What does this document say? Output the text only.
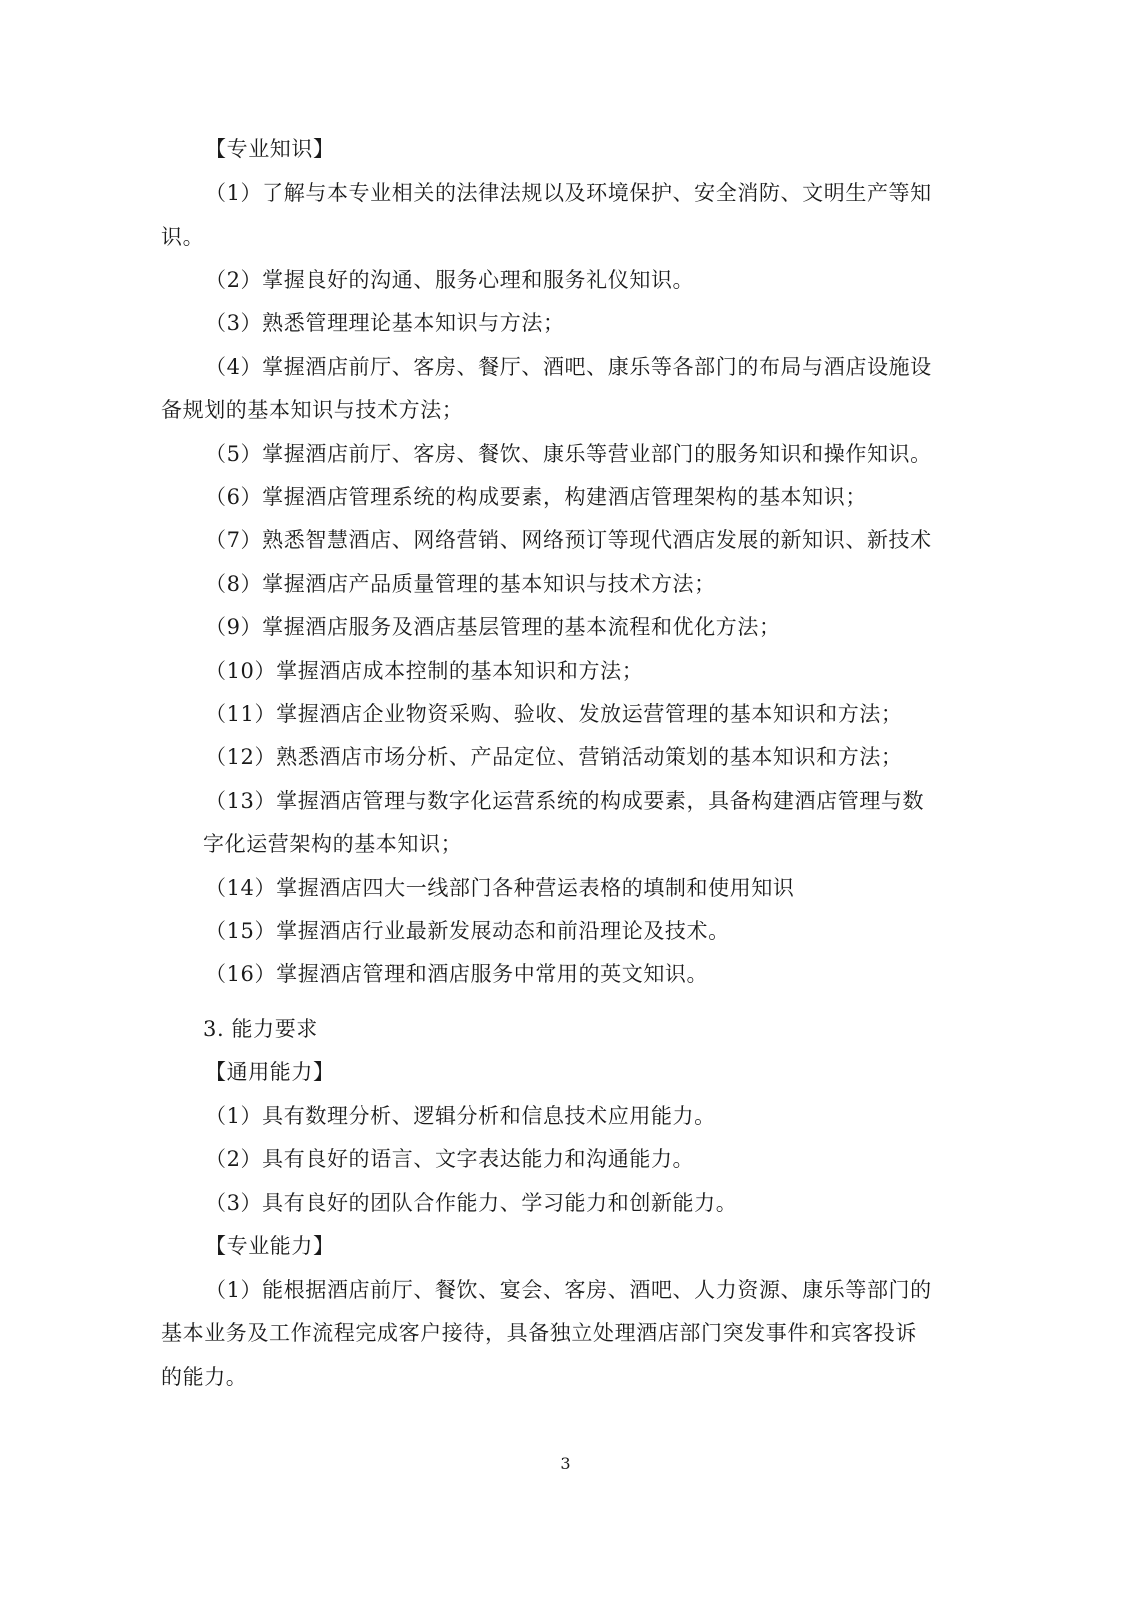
【专业知识】
（1）了解与本专业相关的法律法规以及环境保护、安全消防、文明生产等知
识。
（2）掌握良好的沟通、服务心理和服务礼仪知识。
（3）熟悉管理理论基本知识与方法；
（4）掌握酒店前厅、客房、餐厅、酒吧、康乐等各部门的布局与酒店设施设
备规划的基本知识与技术方法；
（5）掌握酒店前厅、客房、餐饮、康乐等营业部门的服务知识和操作知识。
（6）掌握酒店管理系统的构成要素，构建酒店管理架构的基本知识；
（7）熟悉智慧酒店、网络营销、网络预订等现代酒店发展的新知识、新技术
（8）掌握酒店产品质量管理的基本知识与技术方法；
（9）掌握酒店服务及酒店基层管理的基本流程和优化方法；
（10）掌握酒店成本控制的基本知识和方法；
（11）掌握酒店企业物资采购、验收、发放运营管理的基本知识和方法；
（12）熟悉酒店市场分析、产品定位、营销活动策划的基本知识和方法；
（13）掌握酒店管理与数字化运营系统的构成要素，具备构建酒店管理与数
字化运营架构的基本知识；
（14）掌握酒店四大一线部门各种营运表格的填制和使用知识
（15）掌握酒店行业最新发展动态和前沿理论及技术。
（16）掌握酒店管理和酒店服务中常用的英文知识。
3. 能力要求
【通用能力】
（1）具有数理分析、逻辑分析和信息技术应用能力。
（2）具有良好的语言、文字表达能力和沟通能力。
（3）具有良好的团队合作能力、学习能力和创新能力。
【专业能力】
（1）能根据酒店前厅、餐饮、宴会、客房、酒吧、人力资源、康乐等部门的
基本业务及工作流程完成客户接待，具备独立处理酒店部门突发事件和宾客投诉
的能力。
3
